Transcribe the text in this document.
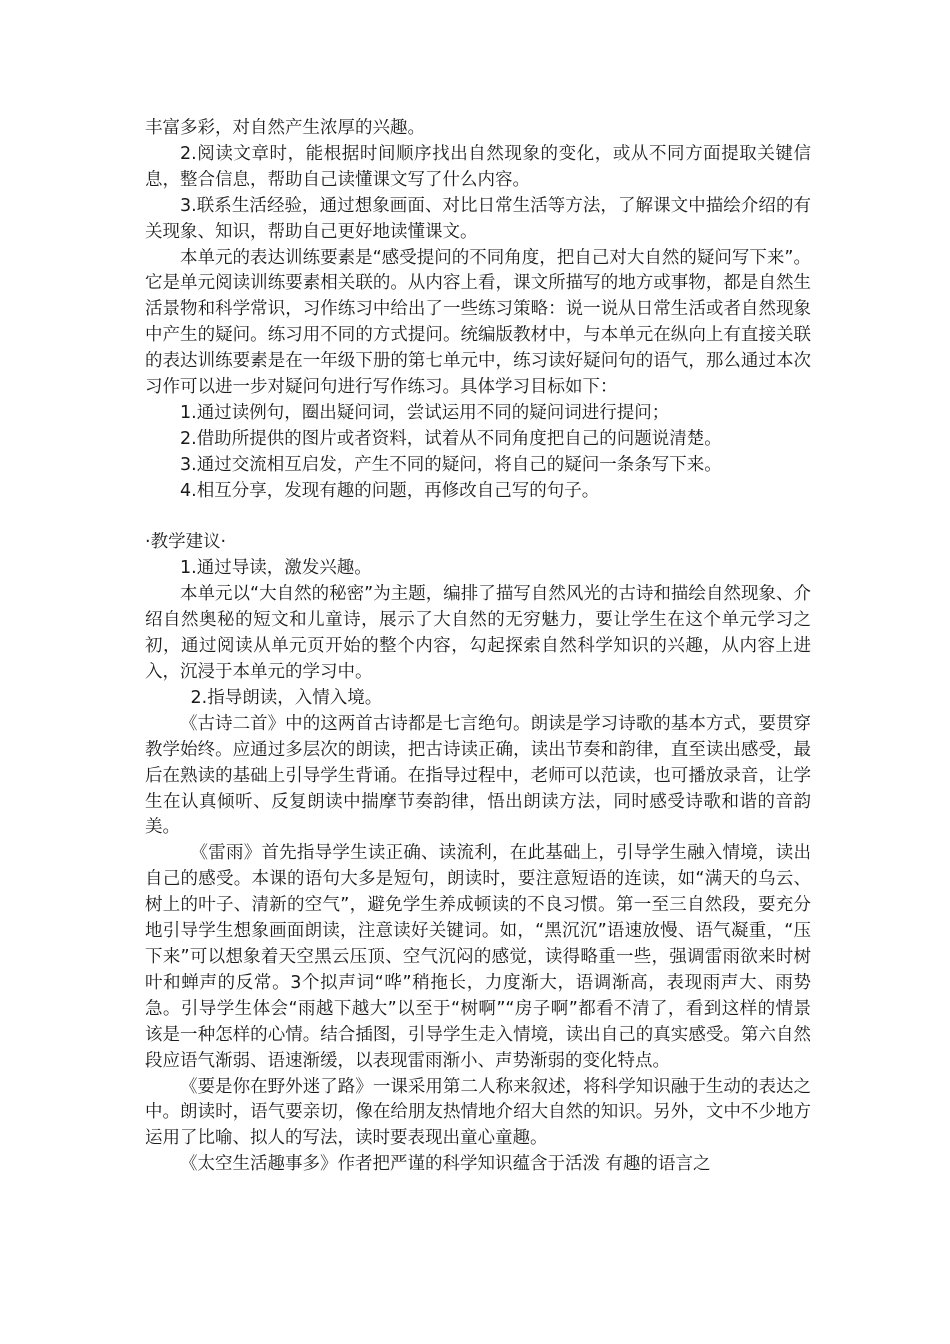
丰富多彩，对自然产生浓厚的兴趣。

2.阅读文章时，能根据时间顺序找出自然现象的变化，或从不同方面提取关键信息，整合信息，帮助自己读懂课文写了什么内容。

3.联系生活经验，通过想象画面、对比日常生活等方法，了解课文中描绘介绍的有关现象、知识，帮助自己更好地读懂课文。

本单元的表达训练要素是“感受提问的不同角度，把自己对大自然的疑问写下来”。它是单元阅读训练要素相关联的。从内容上看，课文所描写的地方或事物，都是自然生活景物和科学常识，习作练习中给出了一些练习策略：说一说从日常生活或者自然现象中产生的疑问。练习用不同的方式提问。统编版教材中，与本单元在纵向上有直接关联的表达训练要素是在一年级下册的第七单元中，练习读好疑问句的语气，那么通过本次习作可以进一步对疑问句进行写作练习。具体学习目标如下：

1.通过读例句，圈出疑问词，尝试运用不同的疑问词进行提问；

2.借助所提供的图片或者资料，试着从不同角度把自己的问题说清楚。

3.通过交流相互启发，产生不同的疑问，将自己的疑问一条条写下来。

4.相互分享，发现有趣的问题，再修改自己写的句子。

·教学建议·

1.通过导读，激发兴趣。

本单元以“大自然的秘密”为主题，编排了描写自然风光的古诗和描绘自然现象、介绍自然奥秘的短文和儿童诗，展示了大自然的无穷魅力，要让学生在这个单元学习之初，通过阅读从单元页开始的整个内容，勾起探索自然科学知识的兴趣，从内容上进入，沉浸于本单元的学习中。

2.指导朗读，入情入境。

《古诗二首》中的这两首古诗都是七言绝句。朗读是学习诗歌的基本方式，要贯穿教学始终。应通过多层次的朗读，把古诗读正确，读出节奏和韵律，直至读出感受，最后在熟读的基础上引导学生背诵。在指导过程中，老师可以范读，也可播放录音，让学生在认真倾听、反复朗读中揣摩节奏韵律，悟出朗读方法，同时感受诗歌和谐的音韵美。

《雷雨》首先指导学生读正确、读流利，在此基础上，引导学生融入情境，读出自己的感受。本课的语句大多是短句，朗读时，要注意短语的连读，如“满天的乌云、树上的叶子、清新的空气”，避免学生养成顿读的不良习惯。第一至三自然段，要充分地引导学生想象画面朗读，注意读好关键词。如，“黑沉沉”语速放慢、语气凝重，“压下来”可以想象着天空黑云压顶、空气沉闷的感觉，读得略重一些，强调雷雨欲来时树叶和蝉声的反常。3个拟声词“哗”稍拖长，力度渐大，语调渐高，表现雨声大、雨势急。引导学生体会“雨越下越大”以至于“树啊”“房子啊”都看不清了，看到这样的情景该是一种怎样的心情。结合插图，引导学生走入情境，读出自己的真实感受。第六自然段应语气渐弱、语速渐缓，以表现雷雨渐小、声势渐弱的变化特点。

《要是你在野外迷了路》一课采用第二人称来叙述，将科学知识融于生动的表达之中。朗读时，语气要亲切，像在给朋友热情地介绍大自然的知识。另外，文中不少地方运用了比喻、拟人的写法，读时要表现出童心童趣。

《太空生活趣事多》作者把严谨的科学知识蕴含于活泼 有趣的语言之
